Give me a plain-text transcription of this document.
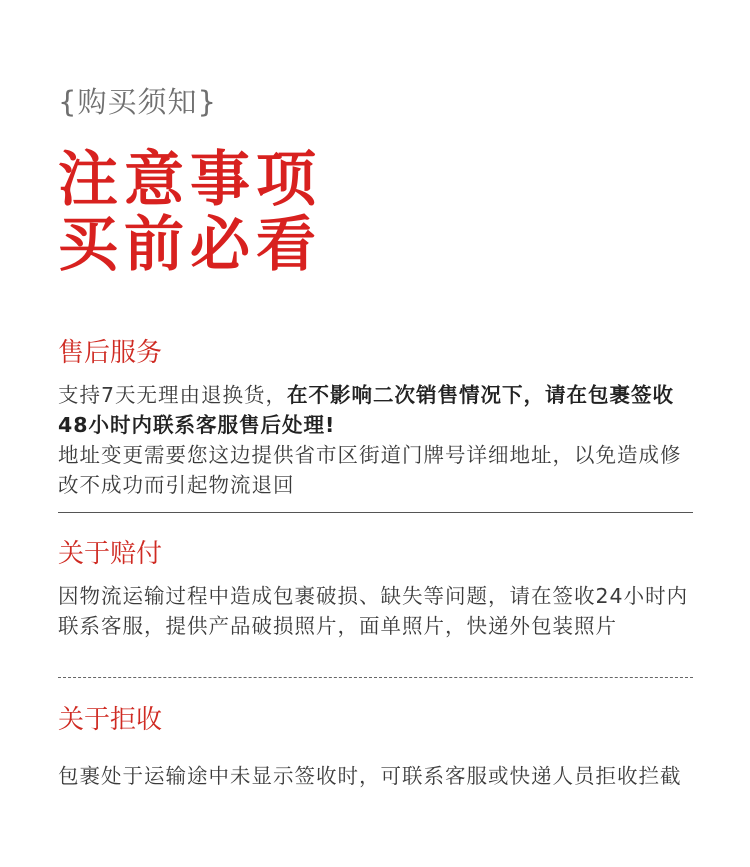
{购买须知}
注意事项
买前必看
售后服务

支持7天无理由退换货，在不影响二次销售情况下，请在包裹签收48小时内联系客服售后处理!

地址变更需要您这边提供省市区街道门牌号详细地址，以免造成修改不成功而引起物流退回

关于赔付

因物流运输过程中造成包裹破损、缺失等问题，请在签收24小时内联系客服，提供产品破损照片，面单照片，快递外包装照片

关于拒收

包裹处于运输途中未显示签收时，可联系客服或快递人员拒收拦截
